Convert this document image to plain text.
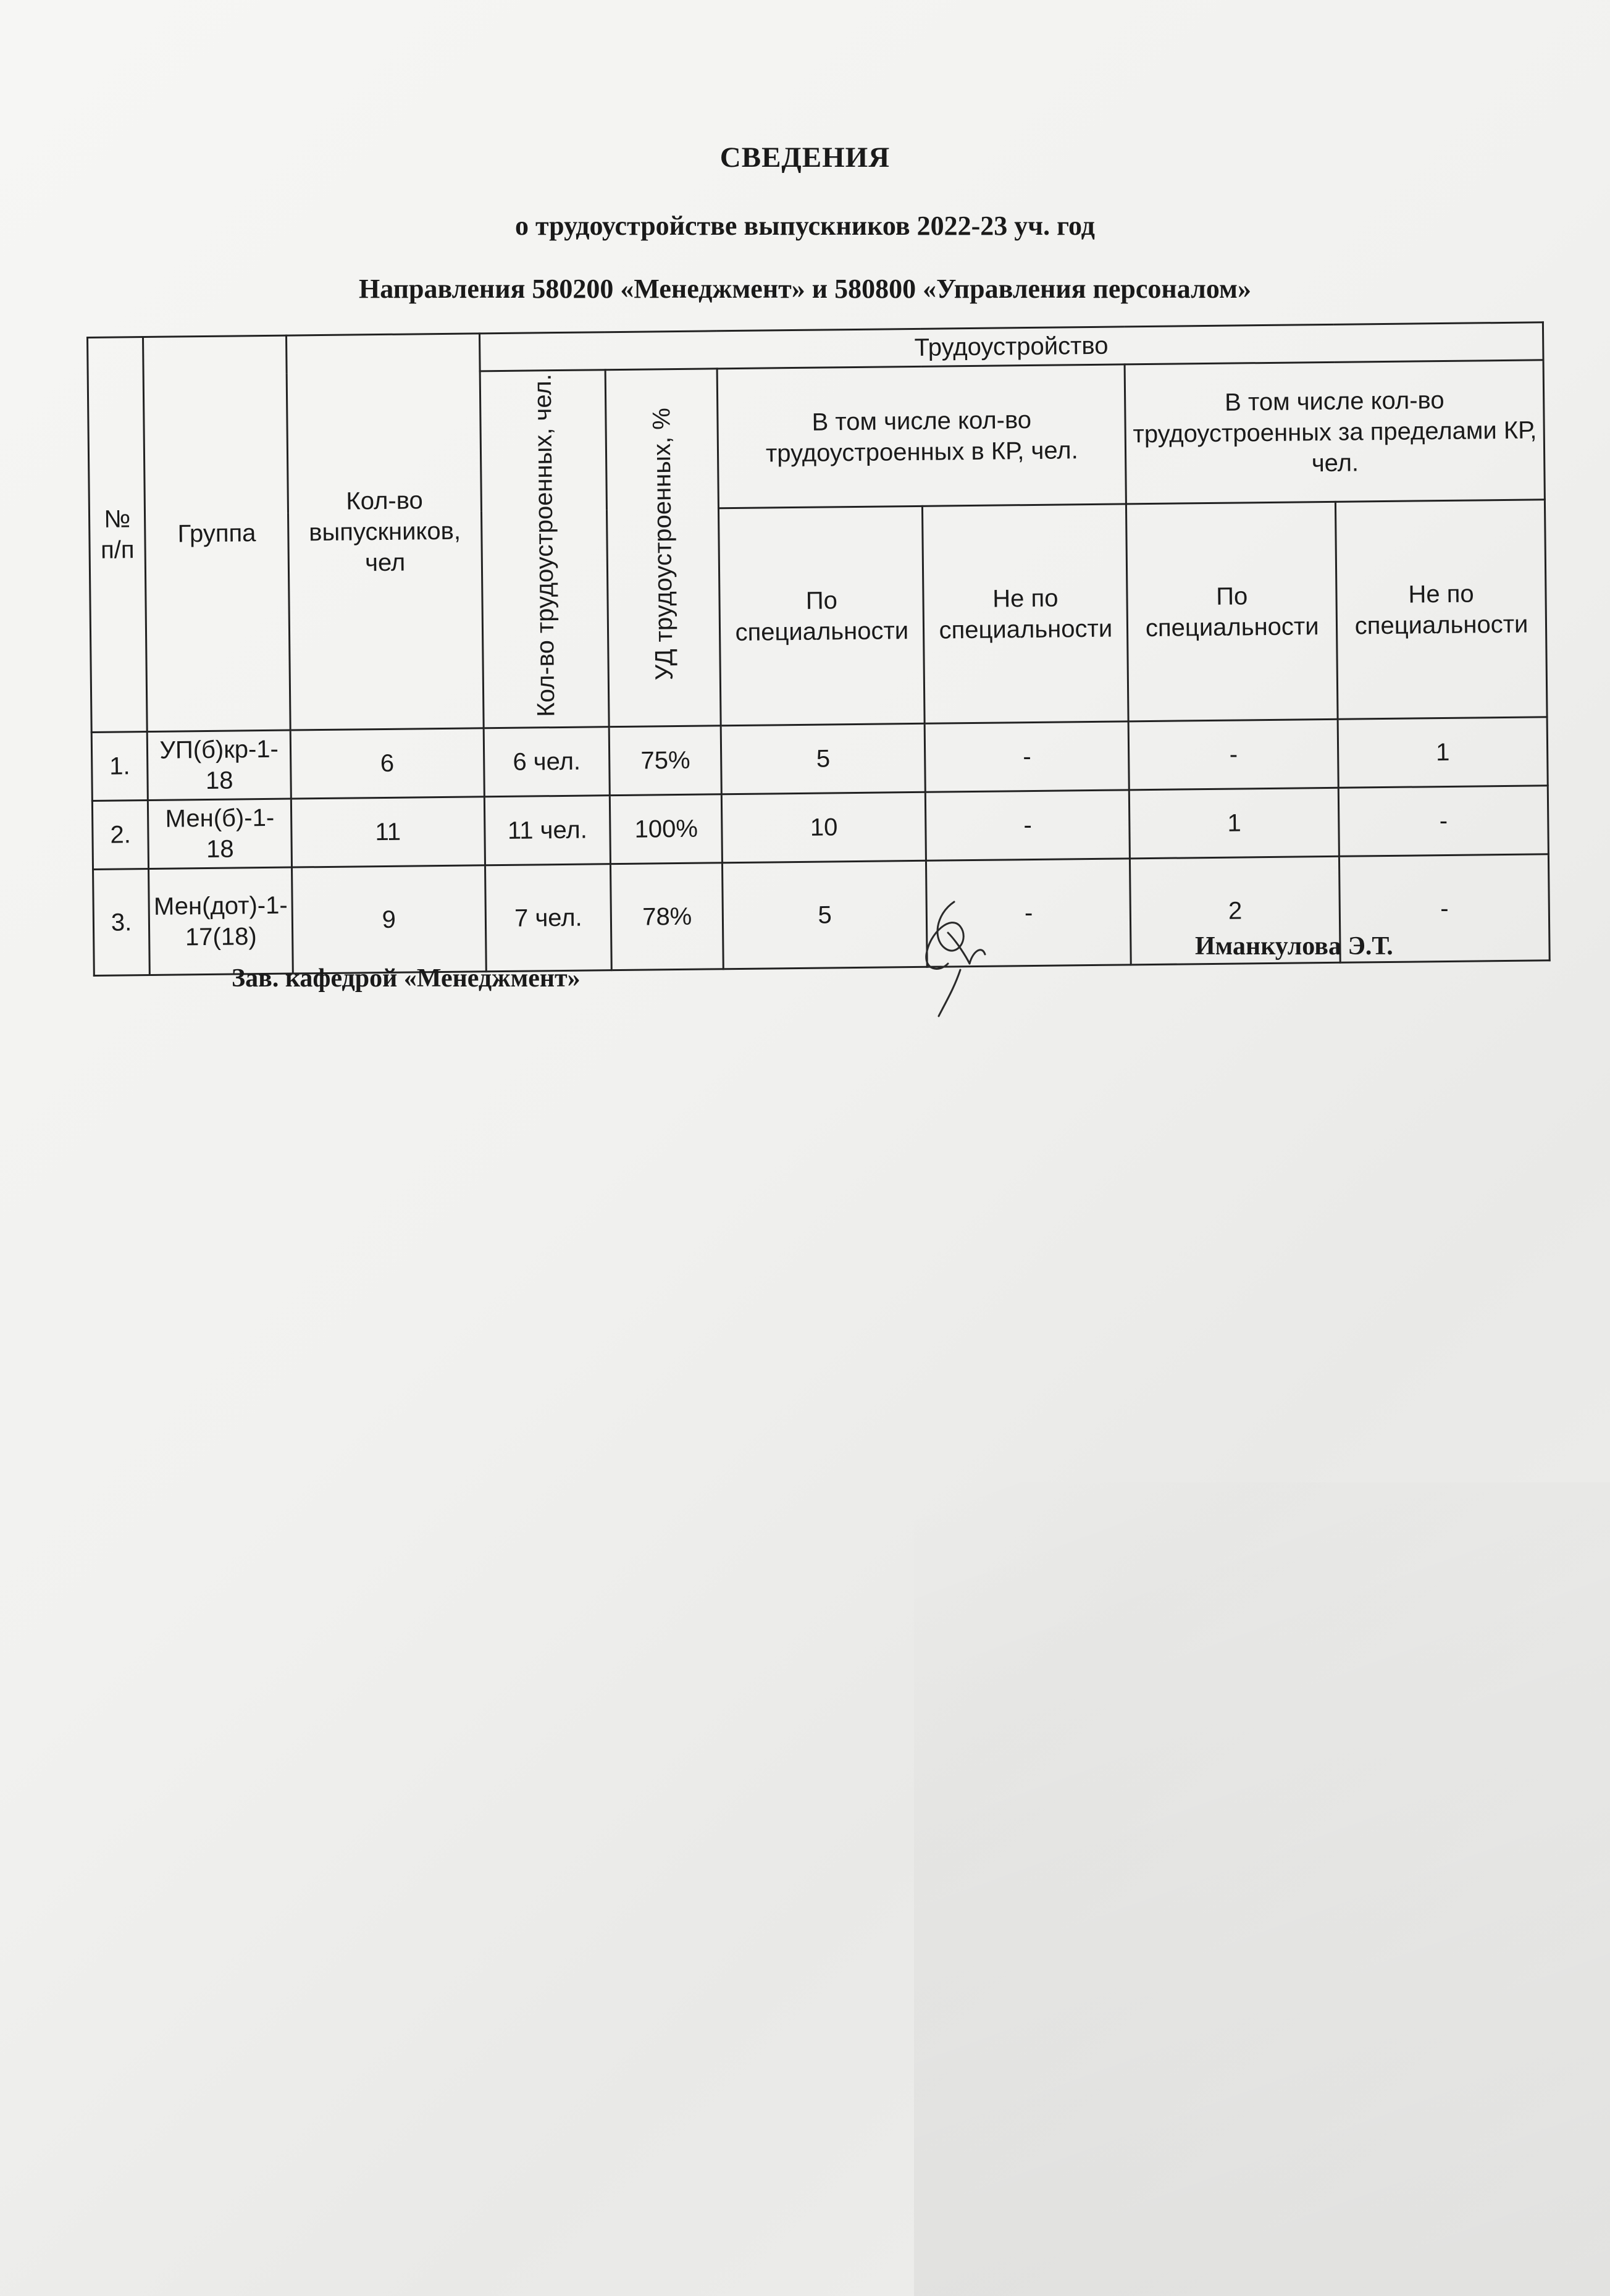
СВЕДЕНИЯ
о трудоустройстве выпускников 2022-23 уч. год
Направления 580200 «Менеджмент» и 580800 «Управления персоналом»
№ п/п	Группа	Кол-во выпускников, чел	Трудоустройство					
			Кол-во трудоустроенных, чел.	УД трудоустроенных, %	В том числе кол-во трудоустроенных в КР, чел.		В том числе кол-во трудоустроенных за пределами КР, чел.	
					По специальности	Не по специальности	По специальности	Не по специальности
1.	УП(б)кр-1-18	6	6 чел.	75%	5	-	-	1
2.	Мен(б)-1-18	11	11 чел.	100%	10	-	1	-
3.	Мен(дот)-1-17(18)	9	7 чел.	78%	5	-	2	-
Зав. кафедрой «Менеджмент»
Иманкулова Э.Т.
